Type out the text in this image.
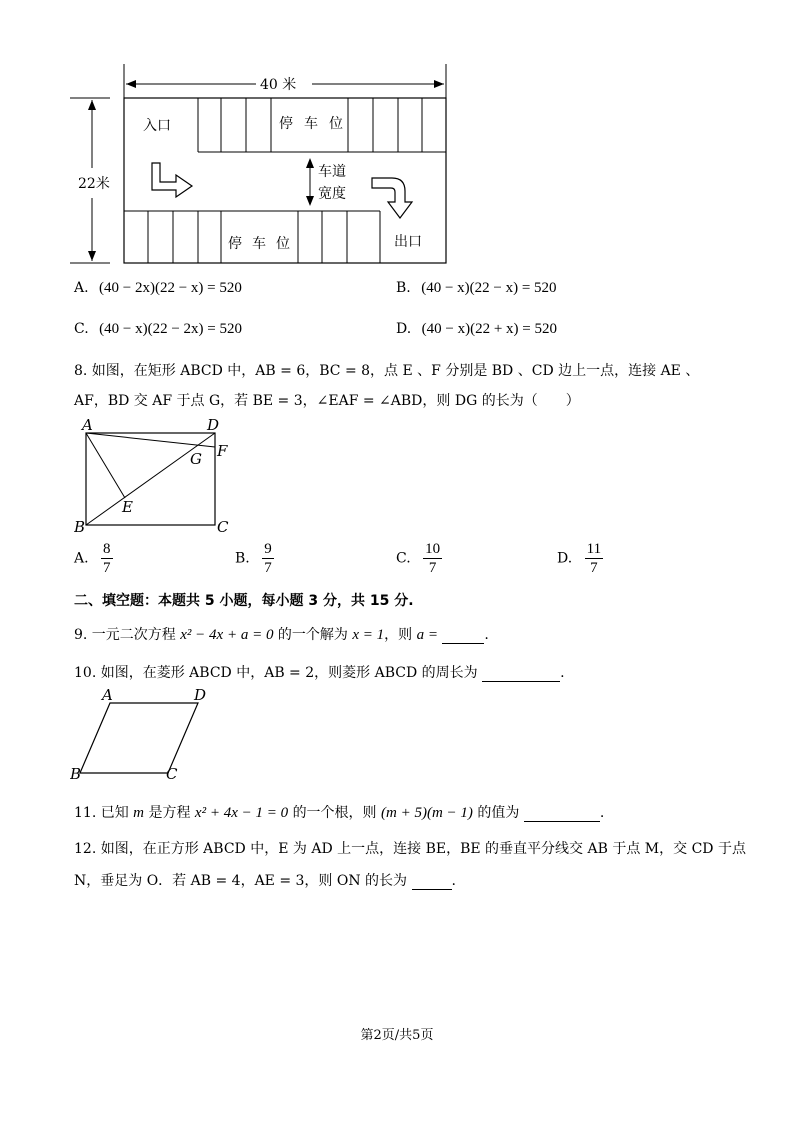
40 米
22米
停 车 位
停 车 位
入口
出口
车道
宽度
A. (40 − 2x)(22 − x) = 520	B. (40 − x)(22 − x) = 520
C. (40 − x)(22 − 2x) = 520	D. (40 − x)(22 + x) = 520
8. 如图，在矩形 ABCD 中，AB = 6，BC = 8，点 E 、F 分别是 BD 、CD 边上一点，连接 AE 、
AF，BD 交 AF 于点 G，若 BE = 3，∠EAF = ∠ABD，则 DG 的长为（　　）
A	D
F
G
E
B	C
A. $\frac{8}{7}$	B. $\frac{9}{7}$	C. $\frac{10}{7}$	D. $\frac{11}{7}$
二、填空题：本题共 5 小题，每小题 3 分，共 15 分.
9. 一元二次方程 x² − 4x + a = 0 的一个解为 x = 1，则 a =	.
10. 如图，在菱形 ABCD 中，AB = 2，则菱形 ABCD 的周长为	.
A	D
B	C
11. 已知 m 是方程 x² + 4x − 1 = 0 的一个根，则 (m + 5)(m − 1) 的值为	.
12. 如图，在正方形 ABCD 中，E 为 AD 上一点，连接 BE，BE 的垂直平分线交 AB 于点 M，交 CD 于点
N，垂足为 O．若 AB = 4，AE = 3，则 ON 的长为	.
第2页/共5页
